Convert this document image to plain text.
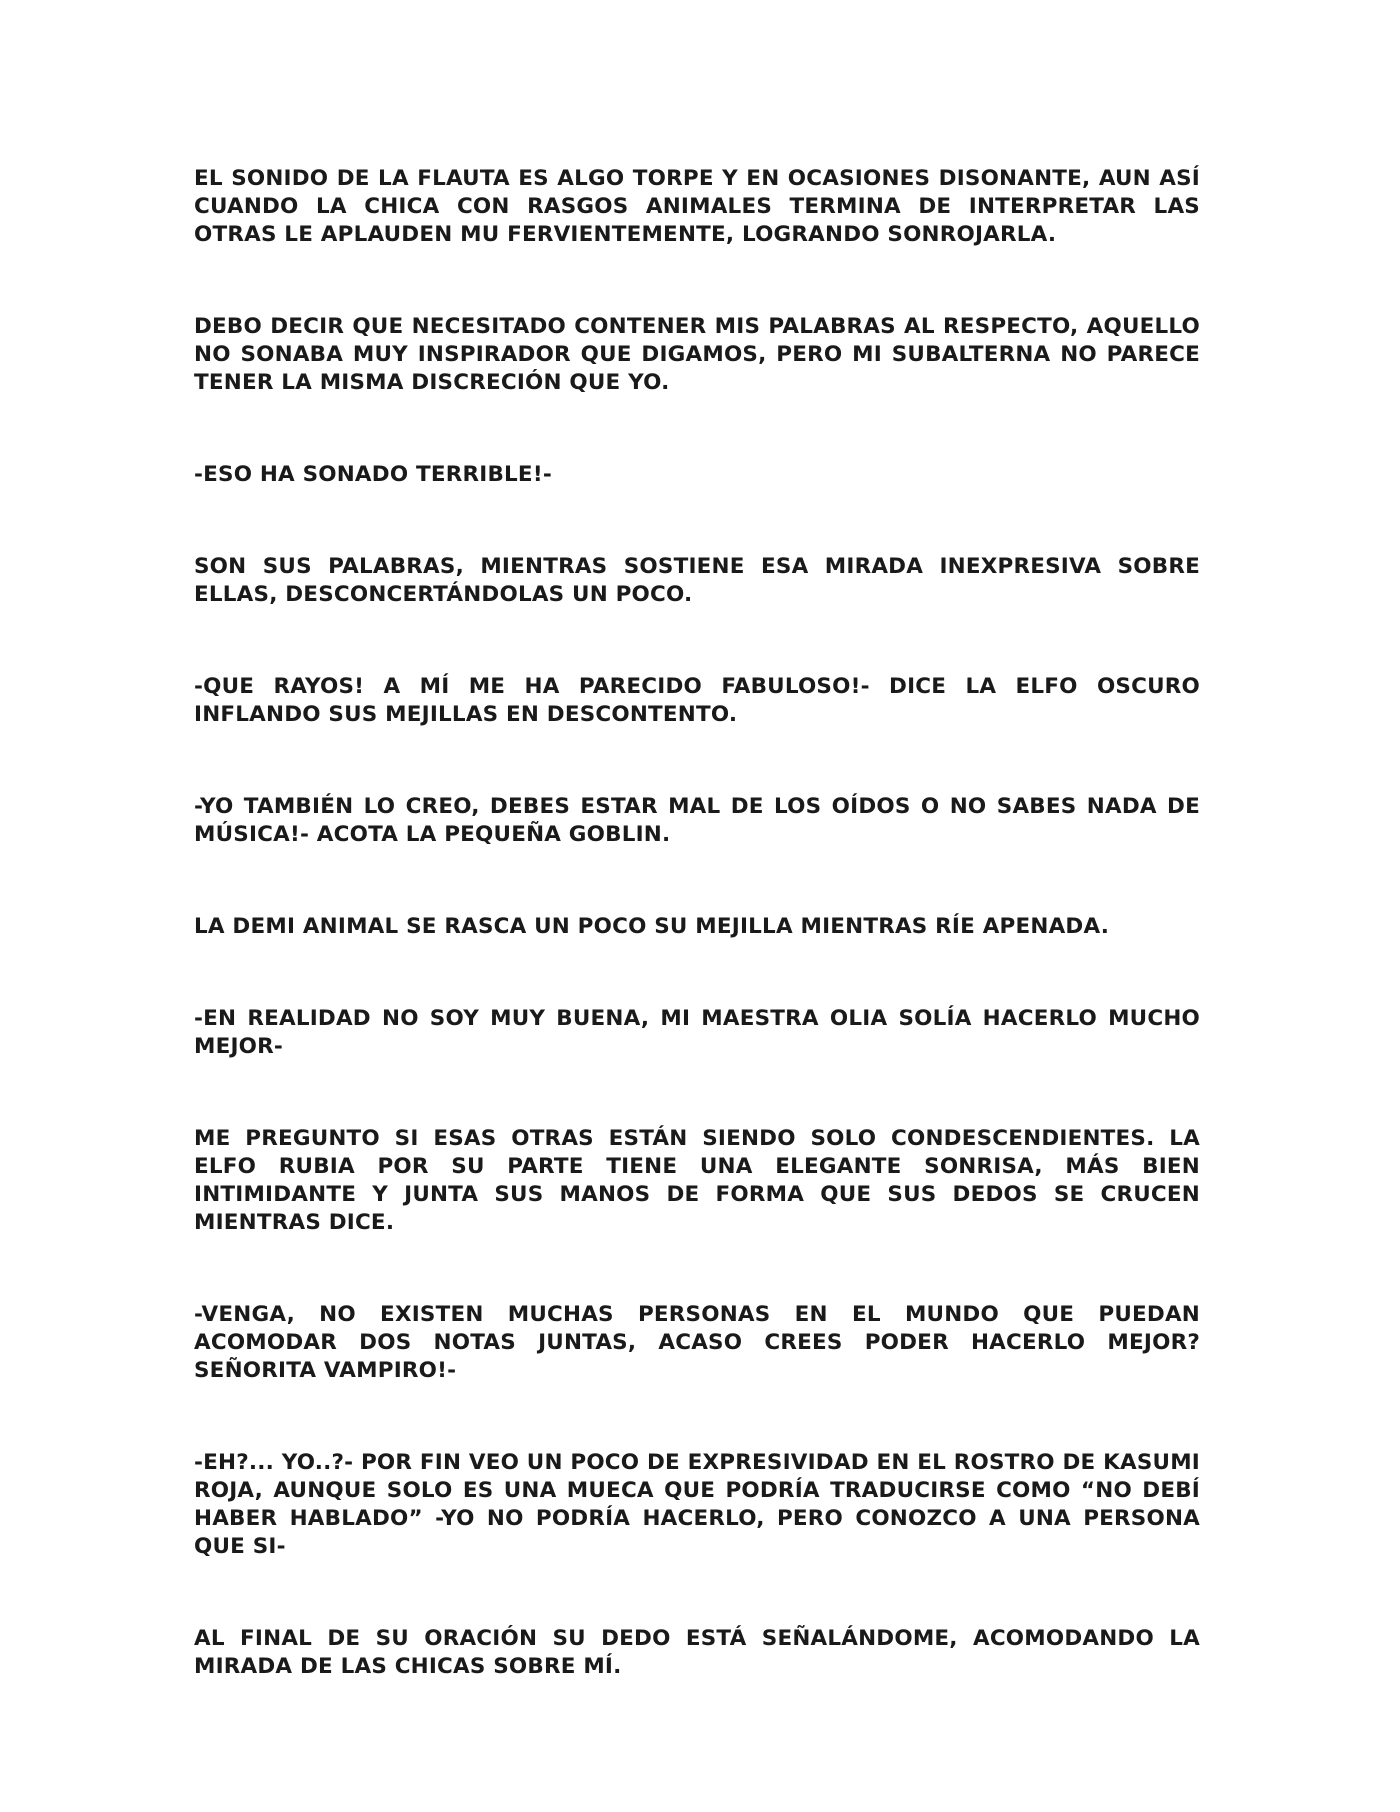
EL SONIDO DE LA FLAUTA ES ALGO TORPE Y EN OCASIONES DISONANTE, AUN ASÍ CUANDO LA CHICA CON RASGOS ANIMALES TERMINA DE INTERPRETAR LAS OTRAS LE APLAUDEN MU FERVIENTEMENTE, LOGRANDO SONROJARLA.

DEBO DECIR QUE NECESITADO CONTENER MIS PALABRAS AL RESPECTO, AQUELLO NO SONABA MUY INSPIRADOR QUE DIGAMOS, PERO MI SUBALTERNA NO PARECE TENER LA MISMA DISCRECIÓN QUE YO.

-ESO HA SONADO TERRIBLE!-

SON SUS PALABRAS, MIENTRAS SOSTIENE ESA MIRADA INEXPRESIVA SOBRE ELLAS, DESCONCERTÁNDOLAS UN POCO.

-QUE RAYOS! A MÍ ME HA PARECIDO FABULOSO!- DICE LA ELFO OSCURO INFLANDO SUS MEJILLAS EN DESCONTENTO.

-YO TAMBIÉN LO CREO, DEBES ESTAR MAL DE LOS OÍDOS O NO SABES NADA DE MÚSICA!- ACOTA LA PEQUEÑA GOBLIN.

LA DEMI ANIMAL SE RASCA UN POCO SU MEJILLA MIENTRAS RÍE APENADA.

-EN REALIDAD NO SOY MUY BUENA, MI MAESTRA OLIA SOLÍA HACERLO MUCHO MEJOR-

ME PREGUNTO SI ESAS OTRAS ESTÁN SIENDO SOLO CONDESCENDIENTES. LA ELFO RUBIA POR SU PARTE TIENE UNA ELEGANTE SONRISA, MÁS BIEN INTIMIDANTE Y JUNTA SUS MANOS DE FORMA QUE SUS DEDOS SE CRUCEN MIENTRAS DICE.

-VENGA, NO EXISTEN MUCHAS PERSONAS EN EL MUNDO QUE PUEDAN ACOMODAR DOS NOTAS JUNTAS, ACASO CREES PODER HACERLO MEJOR? SEÑORITA VAMPIRO!-

-EH?... YO..?- POR FIN VEO UN POCO DE EXPRESIVIDAD EN EL ROSTRO DE KASUMI ROJA, AUNQUE SOLO ES UNA MUECA QUE PODRÍA TRADUCIRSE COMO “NO DEBÍ HABER HABLADO” -YO NO PODRÍA HACERLO, PERO CONOZCO A UNA PERSONA QUE SI-

AL FINAL DE SU ORACIÓN SU DEDO ESTÁ SEÑALÁNDOME, ACOMODANDO LA MIRADA DE LAS CHICAS SOBRE MÍ.
